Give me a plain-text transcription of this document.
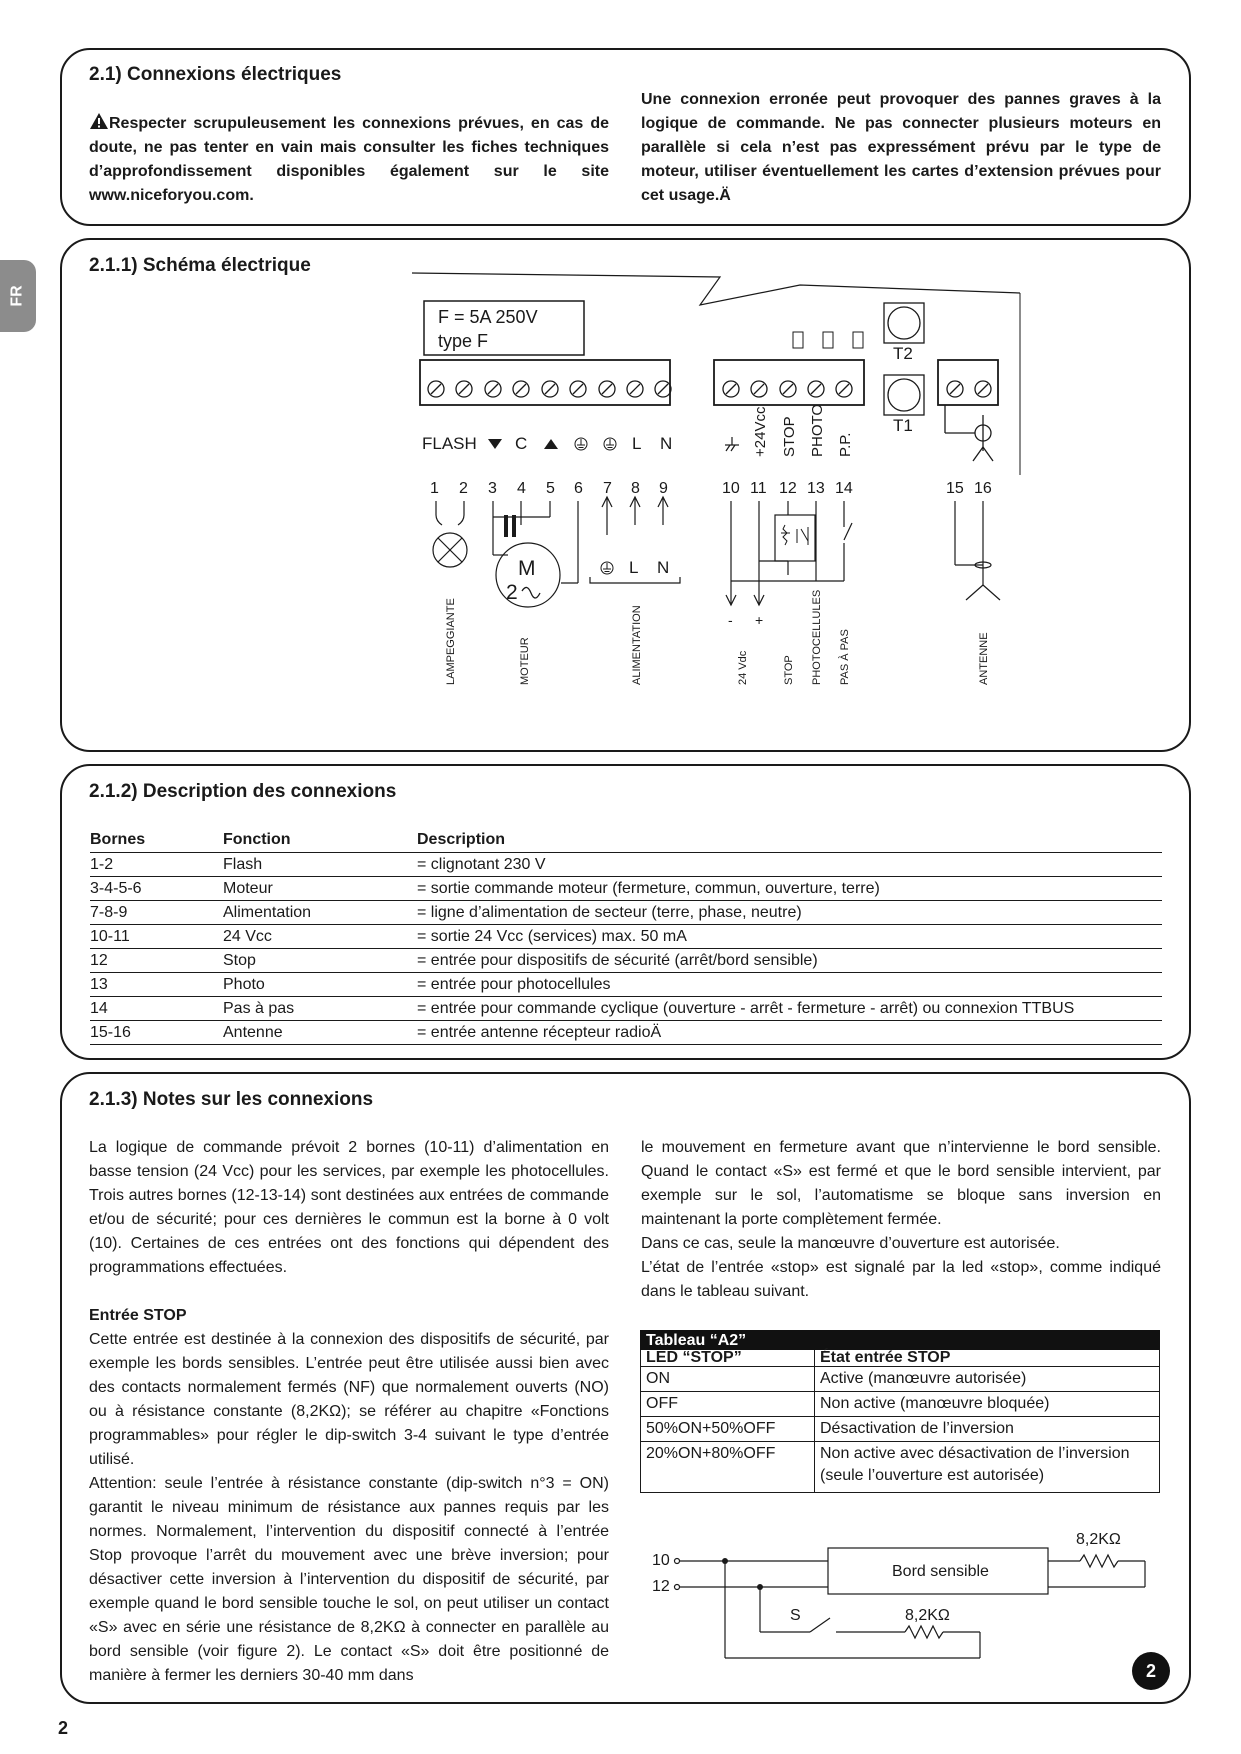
FR
2.1) Connexions électriques
Respecter scrupuleusement les connexions prévues, en cas de doute, ne pas tenter en vain mais consulter les fiches techniques d’approfondissement disponibles également sur le site www.niceforyou.com.
Une connexion erronée peut provoquer des pannes graves à la logique de commande. Ne pas connecter plusieurs moteurs en parallèle si cela n’est pas expressément prévu par le type de moteur, utiliser éventuellement les cartes d’extension prévues pour cet usage.Ä
2.1.1) Schéma électrique
F = 5A 250V
type F
T2
T1
FLASH C	L N	+24Vcc STOP PHOTO P.P.
1 2 3 4 5 6 7 8 9	10 11 12 13 14	15 16
M
2
L N
- +
LAMPEGGIANTE	MOTEUR	ALIMENTATION	24 Vdc	STOP PHOTOCELLULES PAS À PAS	ANTENNE
2.1.2) Description des connexions
Bornes	Fonction	Description
1-2	Flash	= clignotant 230 V
3-4-5-6	Moteur	= sortie commande moteur (fermeture, commun, ouverture, terre)
7-8-9	Alimentation	= ligne d’alimentation de secteur (terre, phase, neutre)
10-11	24 Vcc	= sortie 24 Vcc (services) max. 50 mA
12	Stop	= entrée pour dispositifs de sécurité (arrêt/bord sensible)
13	Photo	= entrée pour photocellules
14	Pas à pas	= entrée pour commande cyclique (ouverture - arrêt - fermeture - arrêt) ou connexion TTBUS
15-16	Antenne	= entrée antenne récepteur radioÄ
2.1.3) Notes sur les connexions
La logique de commande prévoit 2 bornes (10-11) d’alimentation en basse tension (24 Vcc) pour les services, par exemple les photocellules. Trois autres bornes (12-13-14) sont destinées aux entrées de commande et/ou de sécurité; pour ces dernières le commun est la borne à 0 volt (10). Certaines de ces entrées ont des fonctions qui dépendent des programmations effectuées.
Entrée STOP
Cette entrée est destinée à la connexion des dispositifs de sécurité, par exemple les bords sensibles. L’entrée peut être utilisée aussi bien avec des contacts normalement fermés (NF) que normalement ouverts (NO) ou à résistance constante (8,2KΩ); se référer au chapitre «Fonctions programmables» pour régler le dip-switch 3-4 suivant le type d’entrée utilisé.
Attention: seule l’entrée à résistance constante (dip-switch n°3 = ON) garantit le niveau minimum de résistance aux pannes requis par les normes. Normalement, l’intervention du dispositif connecté à l’entrée Stop provoque l’arrêt du mouvement avec une brève inversion; pour désactiver cette inversion à l’intervention du dispositif de sécurité, par exemple quand le bord sensible touche le sol, on peut utiliser un contact «S» avec en série une résistance de 8,2KΩ à connecter en parallèle au bord sensible (voir figure 2). Le contact «S» doit être positionné de manière à fermer les derniers 30-40 mm dans
le mouvement en fermeture avant que n’intervienne le bord sensible. Quand le contact «S» est fermé et que le bord sensible intervient, par exemple sur le sol, l’automatisme se bloque sans inversion en maintenant la porte complètement fermée.
Dans ce cas, seule la manœuvre d’ouverture est autorisée.
L’état de l’entrée «stop» est signalé par la led «stop», comme indiqué dans le tableau suivant.
Tableau “A2”	
LED “STOP”	État entrée STOP
ON	Active (manœuvre autorisée)
OFF	Non active (manœuvre bloquée)
50%ON+50%OFF	Désactivation de l’inversion
20%ON+80%OFF	Non active avec désactivation de l’inversion (seule l’ouverture est autorisée)
10
12
Bord sensible
8,2KΩ
8,2KΩ
S
2
2
